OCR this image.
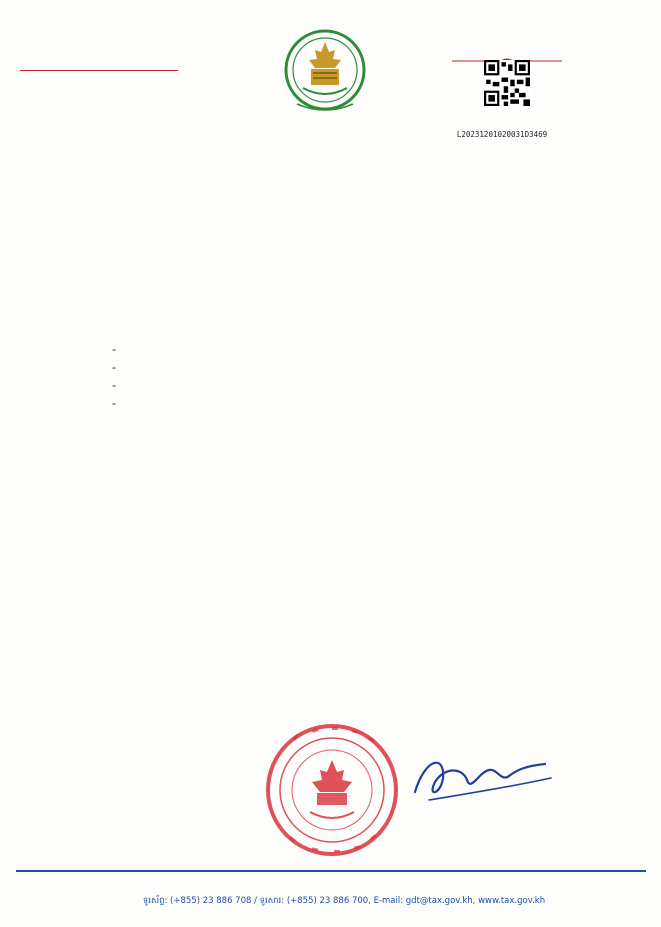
L20231201020031D3469

-
-
-
-

ទូរស័ព្ទ: (+855) 23 886 708 / ទូរសារ: (+855) 23 886 700, E-mail: gdt@tax.gov.kh, www.tax.gov.kh
